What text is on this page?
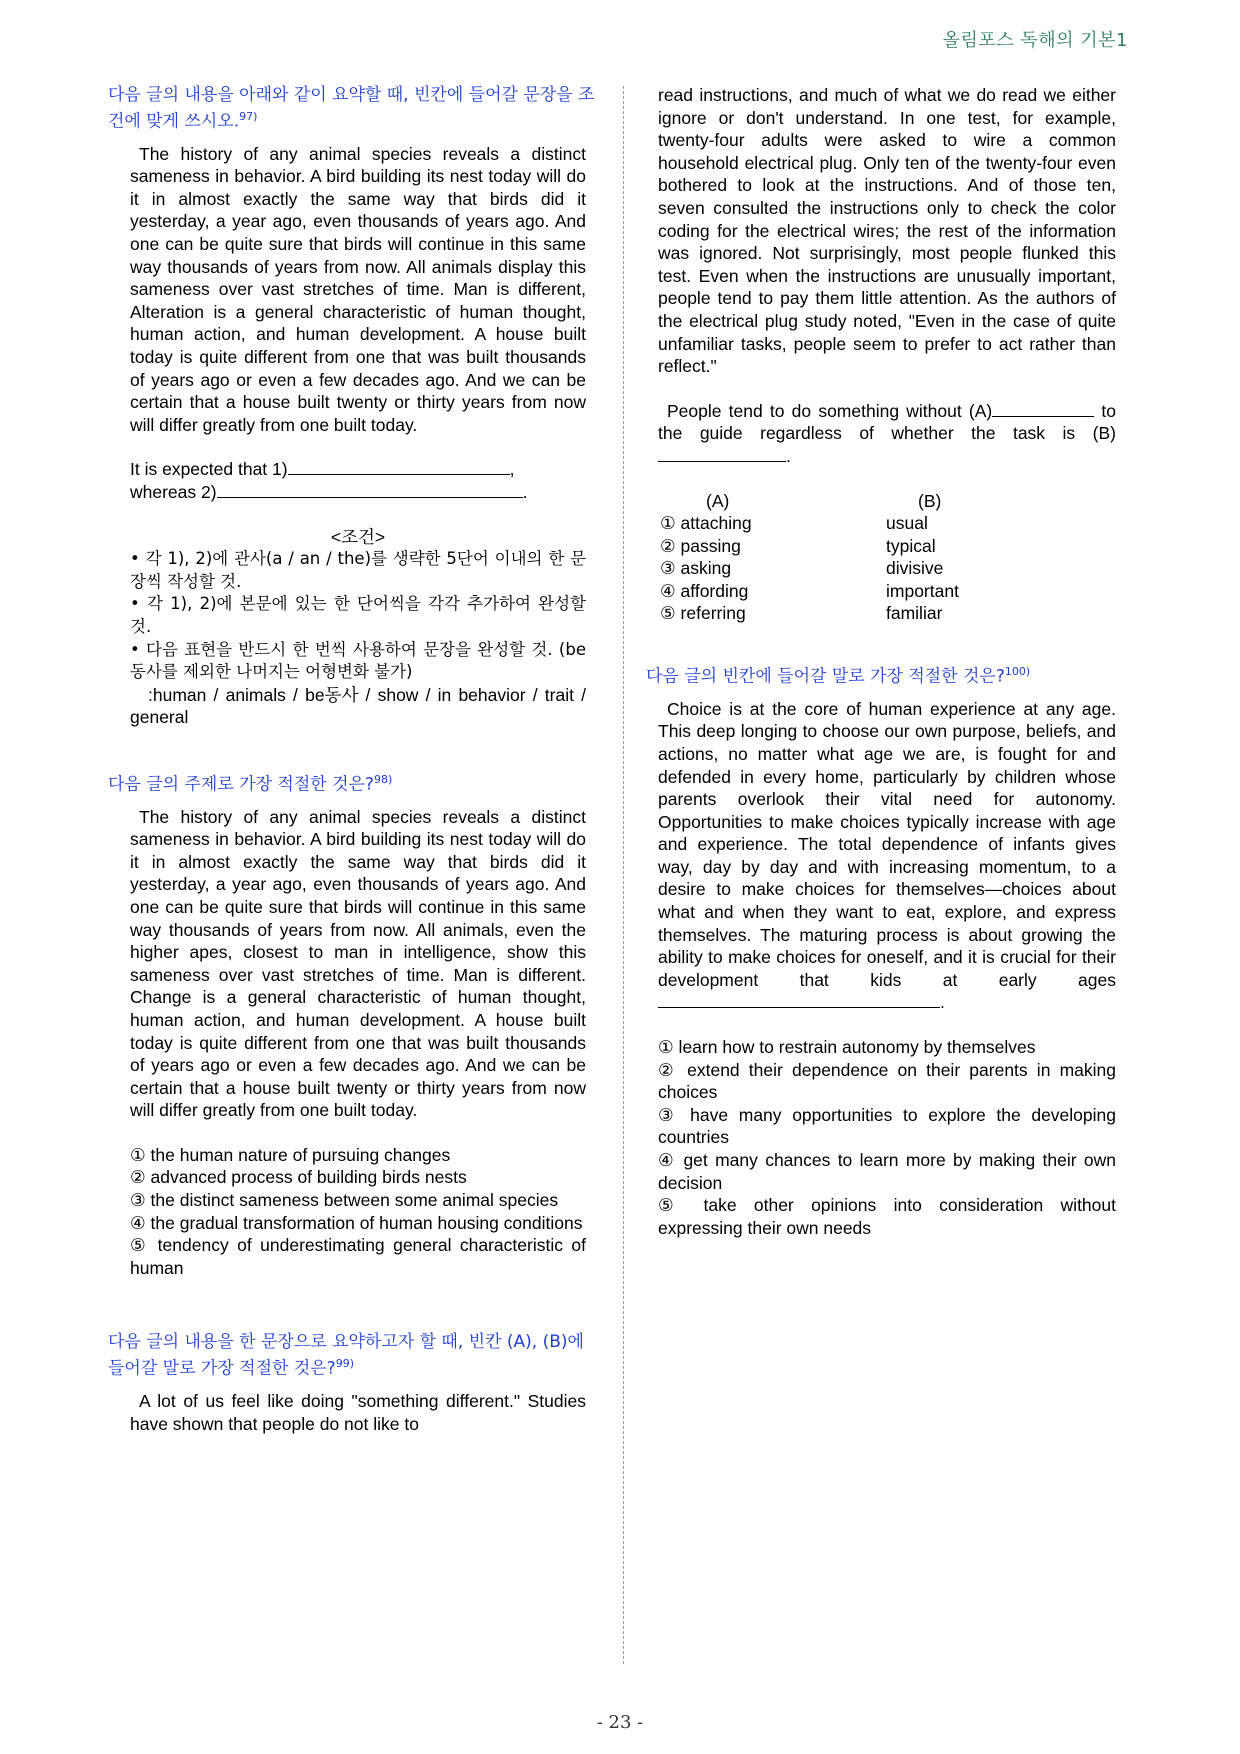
올림포스 독해의 기본1
다음 글의 내용을 아래와 같이 요약할 때, 빈칸에 들어갈 문장을 조건에 맞게 쓰시오.$^{97)}$
The history of any animal species reveals a distinct sameness in behavior. A bird building its nest today will do it in almost exactly the same way that birds did it yesterday, a year ago, even thousands of years ago. And one can be quite sure that birds will continue in this same way thousands of years from now. All animals display this sameness over vast stretches of time. Man is different, Alteration is a general characteristic of human thought, human action, and human development. A house built today is quite different from one that was built thousands of years ago or even a few decades ago. And we can be certain that a house built twenty or thirty years from now will differ greatly from one built today.
It is expected that 1)	,
whereas 2)	.
<조건>
• 각 1), 2)에 관사(a / an / the)를 생략한 5단어 이내의 한 문장씩 작성할 것.
• 각 1), 2)에 본문에 있는 한 단어씩을 각각 추가하여 완성할 것.
• 다음 표현을 반드시 한 번씩 사용하여 문장을 완성할 것. (be동사를 제외한 나머지는 어형변화 불가)
:human / animals / be동사 / show / in behavior / trait / general
다음 글의 주제로 가장 적절한 것은?$^{98)}$
The history of any animal species reveals a distinct sameness in behavior. A bird building its nest today will do it in almost exactly the same way that birds did it yesterday, a year ago, even thousands of years ago. And one can be quite sure that birds will continue in this same way thousands of years from now. All animals, even the higher apes, closest to man in intelligence, show this sameness over vast stretches of time. Man is different. Change is a general characteristic of human thought, human action, and human development. A house built today is quite different from one that was built thousands of years ago or even a few decades ago. And we can be certain that a house built twenty or thirty years from now will differ greatly from one built today.
① the human nature of pursuing changes
② advanced process of building birds nests
③ the distinct sameness between some animal species
④ the gradual transformation of human housing conditions
⑤ tendency of underestimating general characteristic of human
다음 글의 내용을 한 문장으로 요약하고자 할 때, 빈칸 (A), (B)에 들어갈 말로 가장 적절한 것은?$^{99)}$
A lot of us feel like doing "something different." Studies have shown that people do not like to
read instructions, and much of what we do read we either ignore or don't understand. In one test, for example, twenty-four adults were asked to wire a common household electrical plug. Only ten of the twenty-four even bothered to look at the instructions. And of those ten, seven consulted the instructions only to check the color coding for the electrical wires; the rest of the information was ignored. Not surprisingly, most people flunked this test. Even when the instructions are unusually important, people tend to pay them little attention. As the authors of the electrical plug study noted, "Even in the case of quite unfamiliar tasks, people seem to prefer to act rather than reflect."
People tend to do something without (A)	to the guide regardless of whether the task is (B).
(A)	(B)
① attaching	usual
② passing	typical
③ asking	divisive
④ affording	important
⑤ referring	familiar
다음 글의 빈칸에 들어갈 말로 가장 적절한 것은?$^{100)}$
Choice is at the core of human experience at any age. This deep longing to choose our own purpose, beliefs, and actions, no matter what age we are, is fought for and defended in every home, particularly by children whose parents overlook their vital need for autonomy. Opportunities to make choices typically increase with age and experience. The total dependence of infants gives way, day by day and with increasing momentum, to a desire to make choices for themselves—choices about what and when they want to eat, explore, and express themselves. The maturing process is about growing the ability to make choices for oneself, and it is crucial for their development that kids at early ages .
① learn how to restrain autonomy by themselves
② extend their dependence on their parents in making choices
③ have many opportunities to explore the developing countries
④ get many chances to learn more by making their own decision
⑤ take other opinions into consideration without expressing their own needs
- 23 -
